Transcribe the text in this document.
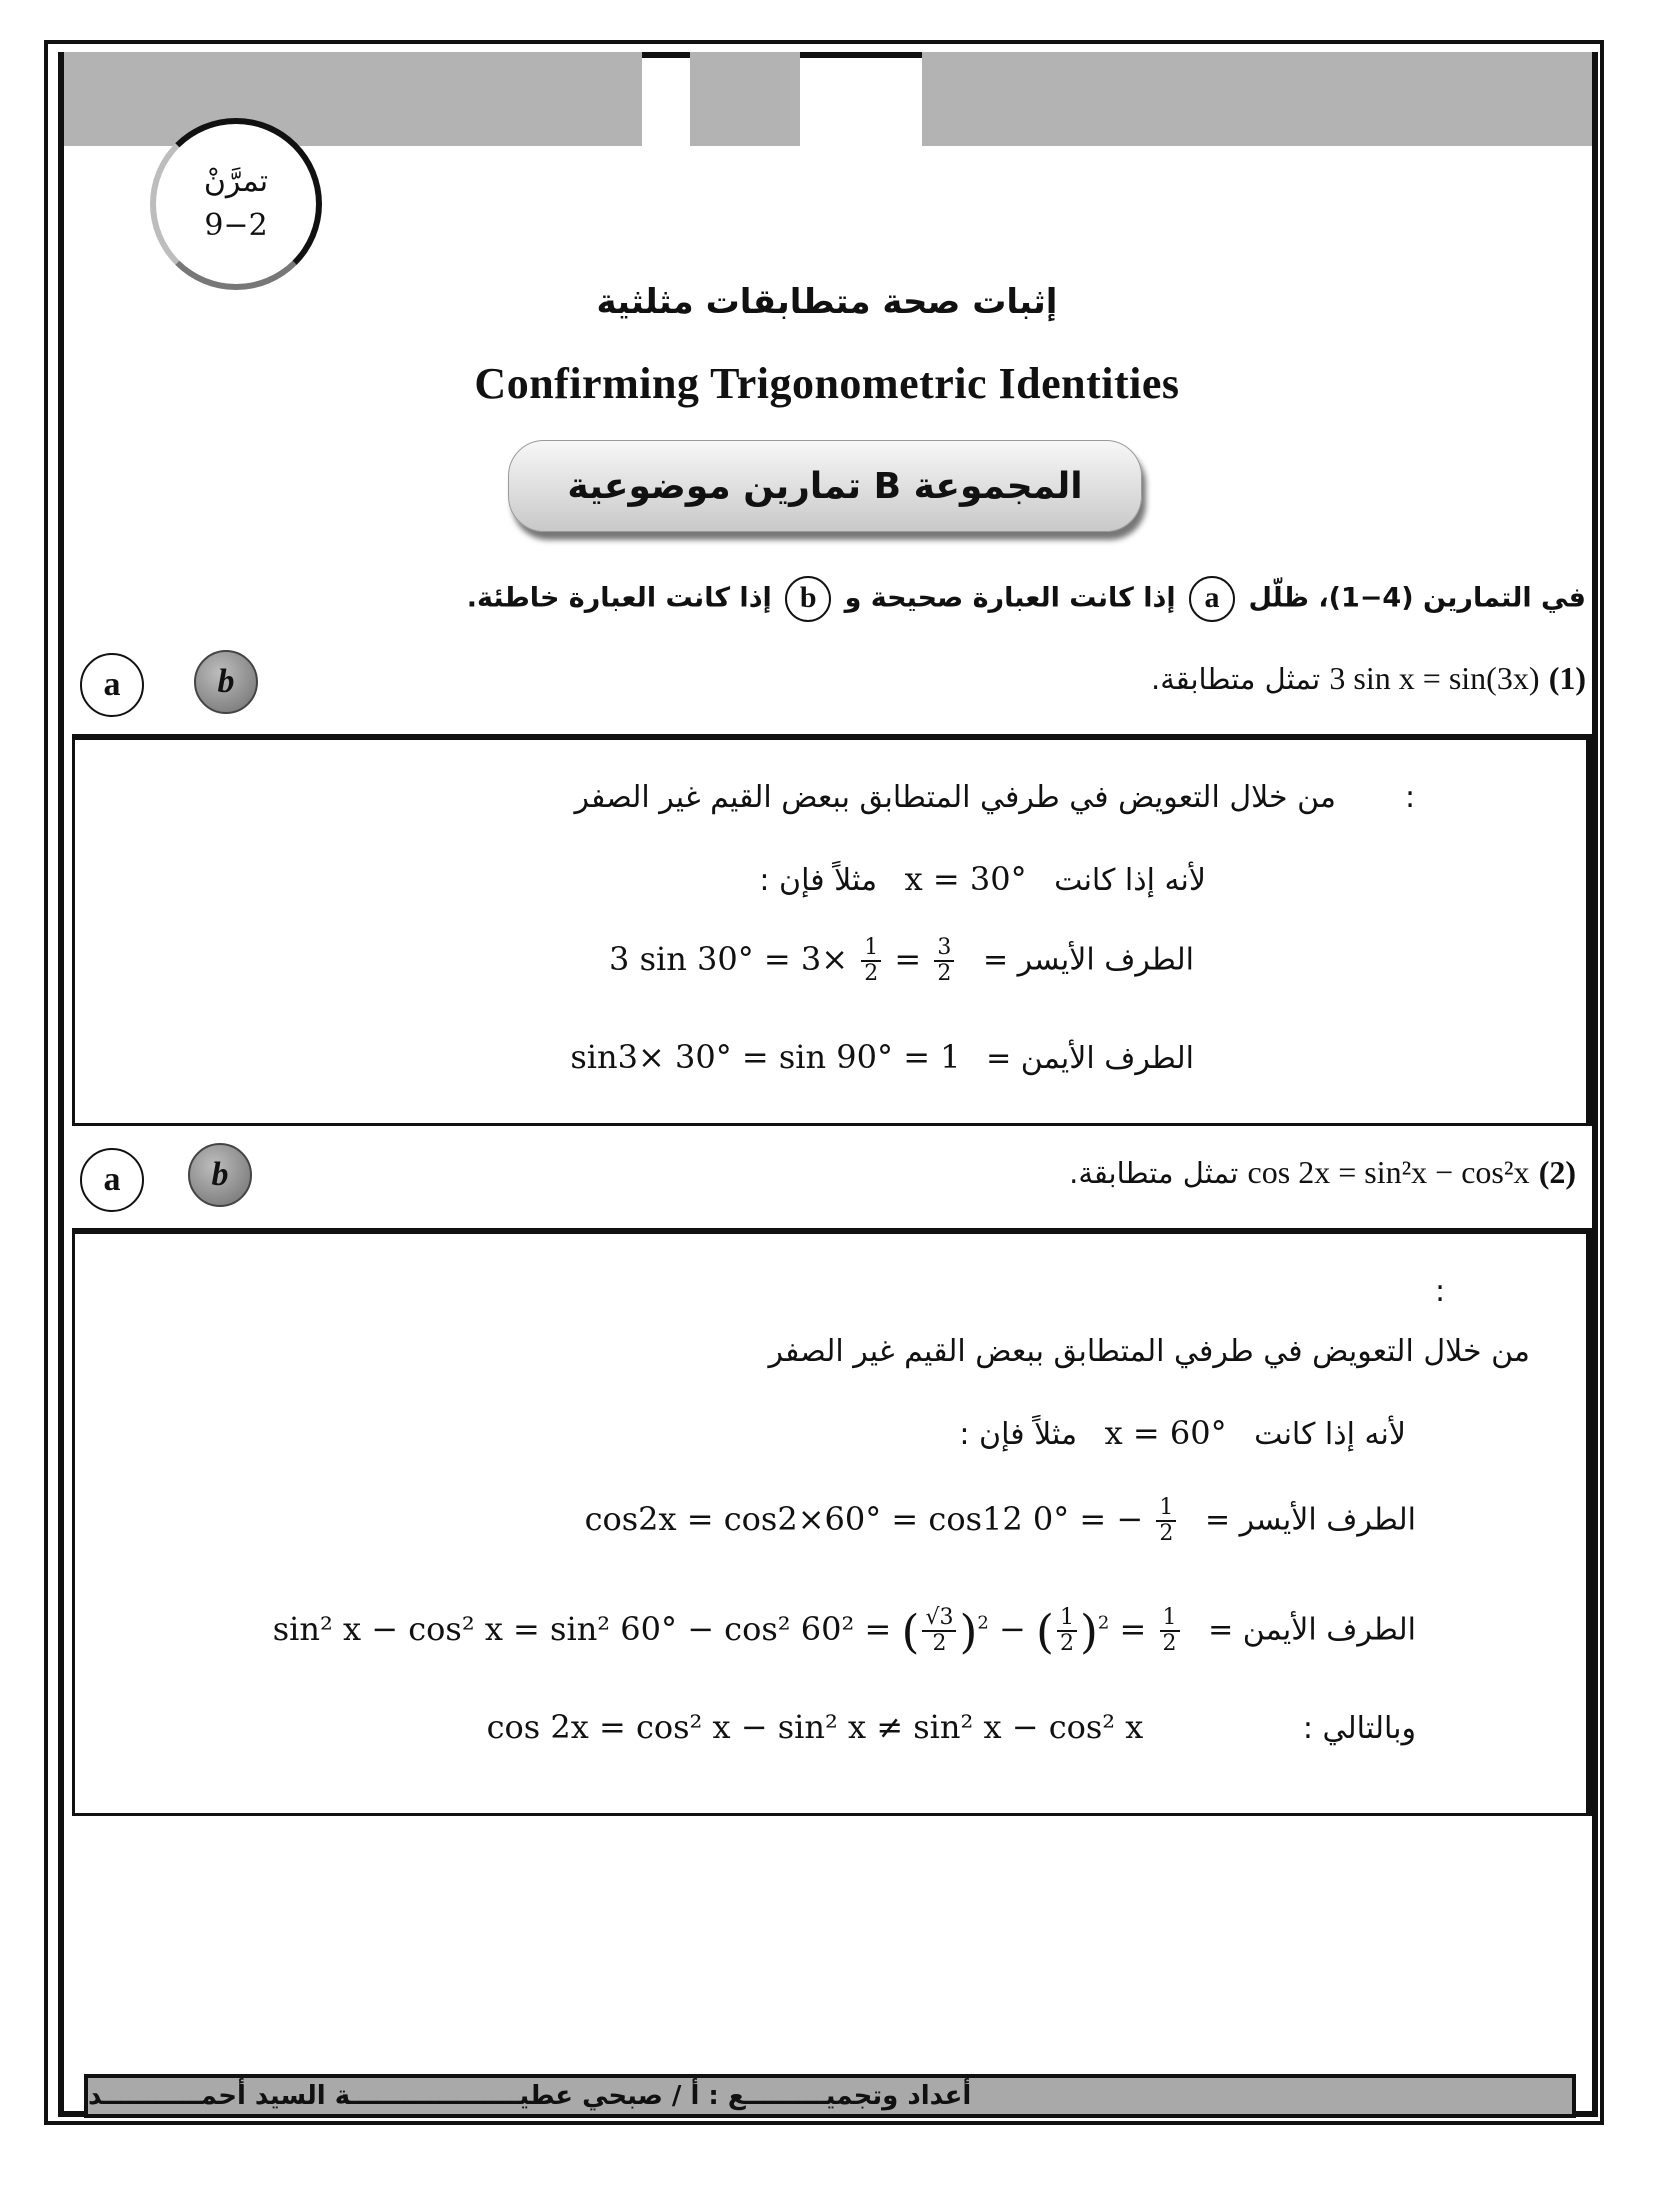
تمرَّنْ
9−2
إثبات صحة متطابقات مثلثية
Confirming Trigonometric Identities
المجموعة B تمارين موضوعية
في التمارين (4−1)، ظلّل a إذا كانت العبارة صحيحة و b إذا كانت العبارة خاطئة.
(1) 3 sin x = sin(3x) تمثل متطابقة.
a	b
:
من خلال التعويض في طرفي المتطابق ببعض القيم غير الصفر
لأنه إذا كانت x = 30° مثلاً فإن :
الطرف الأيسر = 3 $\sin 30^\circ = 3\times \frac{1}{2} = \frac{3}{2}$
الطرف الأيمن = sin3× 30° = sin 90° = 1
(2) cos 2x = sin²x − cos²x تمثل متطابقة.
a	b
:
من خلال التعويض في طرفي المتطابق ببعض القيم غير الصفر
لأنه إذا كانت x = 60° مثلاً فإن :
الطرف الأيسر = cos2x = cos2×60° = cos12 0° = − $\frac{1}{2}$
الطرف الأيمن = sin² x − cos² x = sin² 60° − cos² 60² = ( $\frac{√3}{2} )^2$ − ( $\frac{1}{2} )^2 = \frac{1}{2}$
وبالتالي : cos 2x = cos² x − sin² x ≠ sin² x − cos² x
أعداد وتجميـــــــــع : أ / صبحي عطيـــــــــــــــــــة السيد أحمـــــــــــد
